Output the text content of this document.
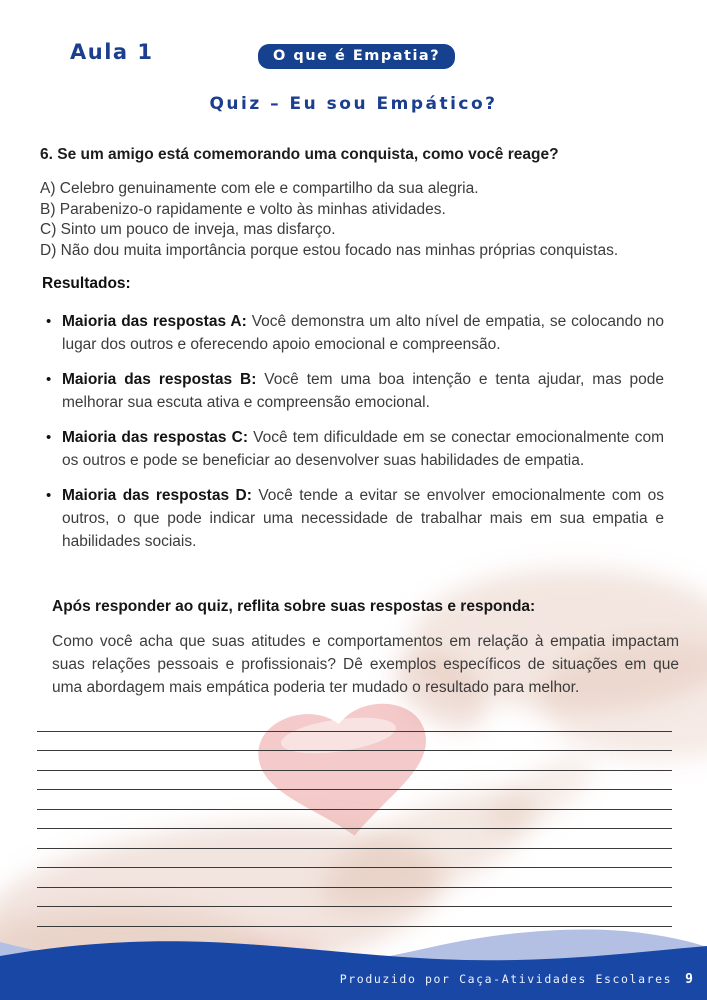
Aula 1	O que é Empatia?
Quiz – Eu sou Empático?
6. Se um amigo está comemorando uma conquista, como você reage?
A) Celebro genuinamente com ele e compartilho da sua alegria.
B) Parabenizo-o rapidamente e volto às minhas atividades.
C) Sinto um pouco de inveja, mas disfarço.
D) Não dou muita importância porque estou focado nas minhas próprias conquistas.
Resultados:
• Maioria das respostas A: Você demonstra um alto nível de empatia, se colocando no lugar dos outros e oferecendo apoio emocional e compreensão.
• Maioria das respostas B: Você tem uma boa intenção e tenta ajudar, mas pode melhorar sua escuta ativa e compreensão emocional.
• Maioria das respostas C: Você tem dificuldade em se conectar emocionalmente com os outros e pode se beneficiar ao desenvolver suas habilidades de empatia.
• Maioria das respostas D: Você tende a evitar se envolver emocionalmente com os outros, o que pode indicar uma necessidade de trabalhar mais em sua empatia e habilidades sociais.
Após responder ao quiz, reflita sobre suas respostas e responda:
Como você acha que suas atitudes e comportamentos em relação à empatia impactam suas relações pessoais e profissionais? Dê exemplos específicos de situações em que uma abordagem mais empática poderia ter mudado o resultado para melhor.
Produzido por Caça-Atividades Escolares 9
